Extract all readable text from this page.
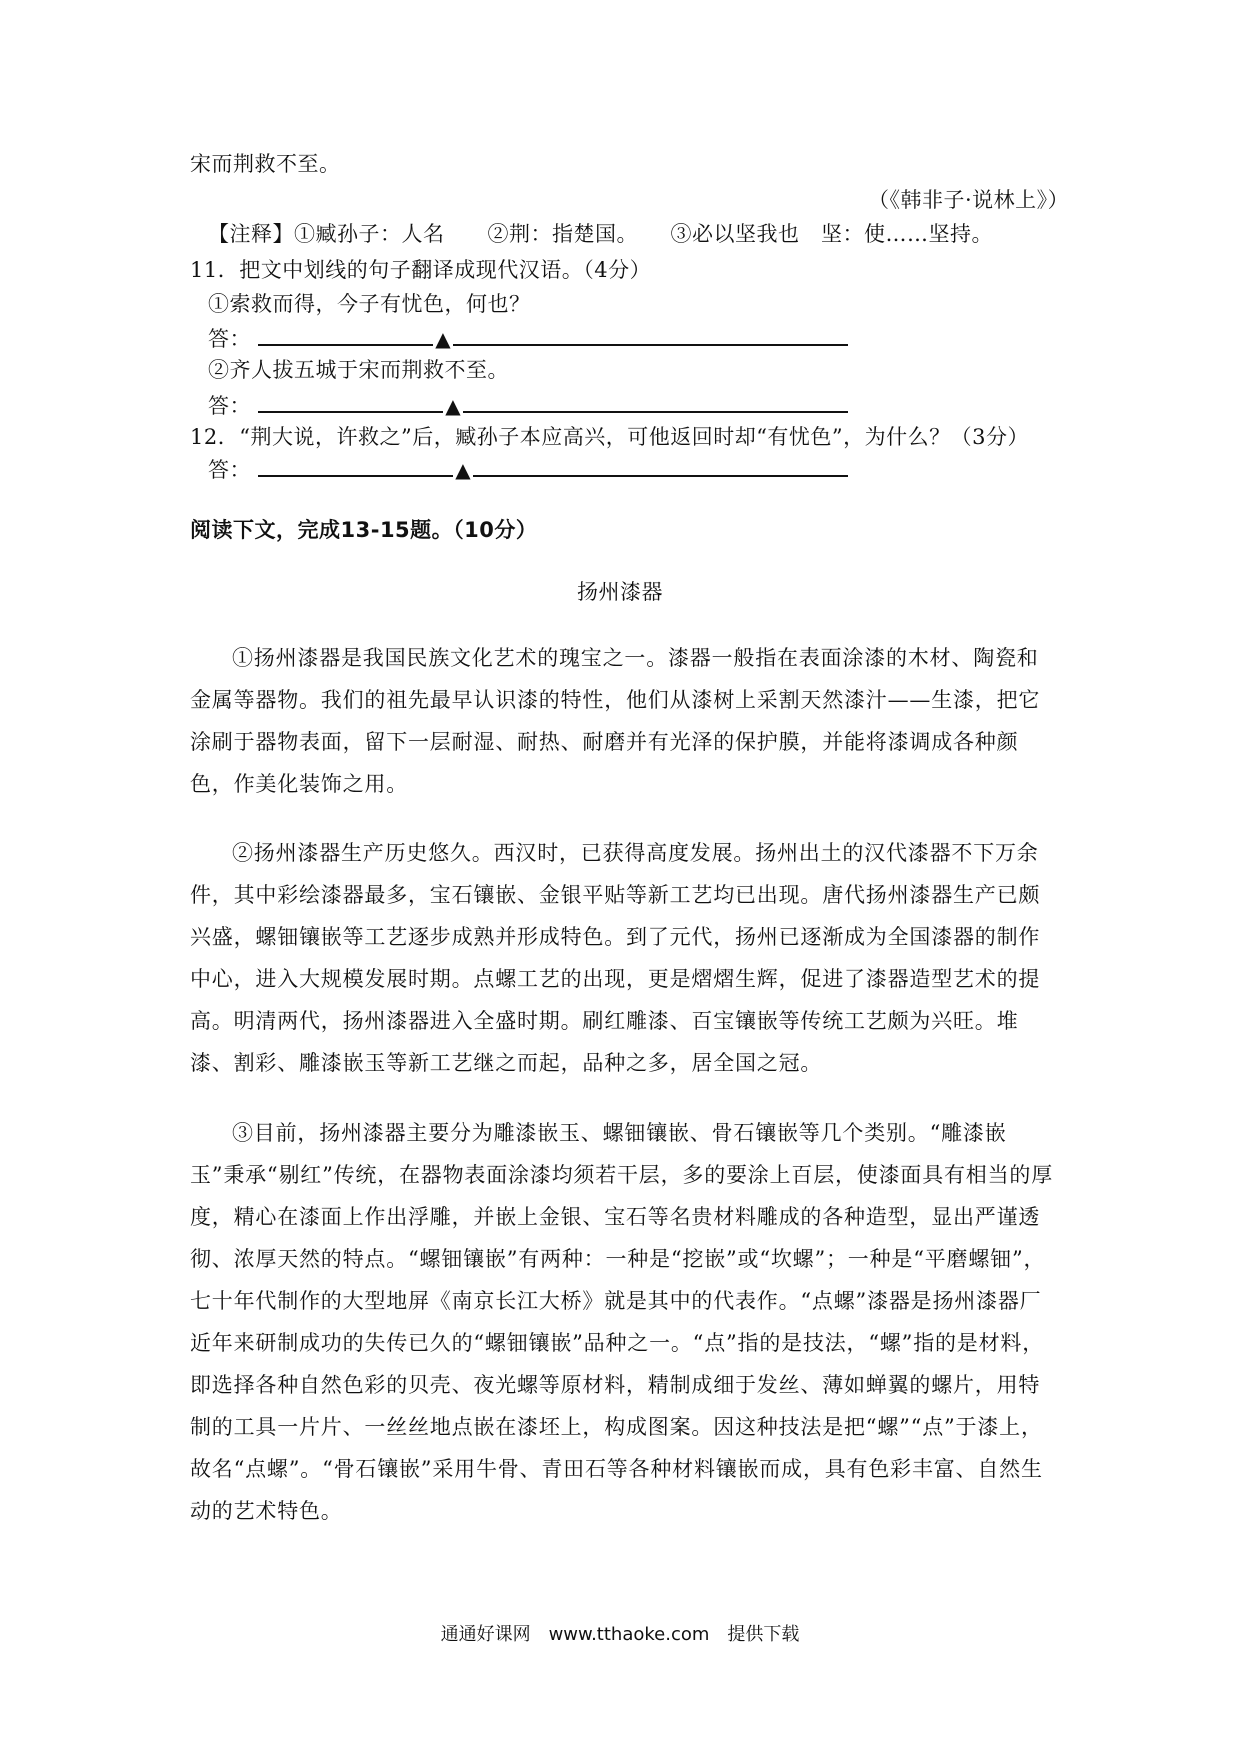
宋而荆救不至。
（《韩非子·说林上》）
【注释】①臧孙子：人名　　②荆：指楚国。　　③必以坚我也　坚：使……坚持。
11．把文中划线的句子翻译成现代汉语。（4分）
①索救而得，今子有忧色，何也？
答：	▲
②齐人拔五城于宋而荆救不至。
答：	▲
12．“荆大说，许救之”后，臧孙子本应高兴，可他返回时却“有忧色”，为什么？（3分）
答：	▲
阅读下文，完成13-15题。（10分）
扬州漆器

①扬州漆器是我国民族文化艺术的瑰宝之一。漆器一般指在表面涂漆的木材、陶瓷和金属等器物。我们的祖先最早认识漆的特性，他们从漆树上采割天然漆汁——生漆，把它涂刷于器物表面，留下一层耐湿、耐热、耐磨并有光泽的保护膜，并能将漆调成各种颜色，作美化装饰之用。

②扬州漆器生产历史悠久。西汉时，已获得高度发展。扬州出土的汉代漆器不下万余件，其中彩绘漆器最多，宝石镶嵌、金银平贴等新工艺均已出现。唐代扬州漆器生产已颇兴盛，螺钿镶嵌等工艺逐步成熟并形成特色。到了元代，扬州已逐渐成为全国漆器的制作中心，进入大规模发展时期。点螺工艺的出现，更是熠熠生辉，促进了漆器造型艺术的提高。明清两代，扬州漆器进入全盛时期。刷红雕漆、百宝镶嵌等传统工艺颇为兴旺。堆漆、割彩、雕漆嵌玉等新工艺继之而起，品种之多，居全国之冠。

③目前，扬州漆器主要分为雕漆嵌玉、螺钿镶嵌、骨石镶嵌等几个类别。“雕漆嵌玉”秉承“剔红”传统，在器物表面涂漆均须若干层，多的要涂上百层，使漆面具有相当的厚度，精心在漆面上作出浮雕，并嵌上金银、宝石等名贵材料雕成的各种造型，显出严谨透彻、浓厚天然的特点。“螺钿镶嵌”有两种：一种是“挖嵌”或“坎螺”；一种是“平磨螺钿”，七十年代制作的大型地屏《南京长江大桥》就是其中的代表作。“点螺”漆器是扬州漆器厂近年来研制成功的失传已久的“螺钿镶嵌”品种之一。“点”指的是技法，“螺”指的是材料，即选择各种自然色彩的贝壳、夜光螺等原材料，精制成细于发丝、薄如蝉翼的螺片，用特制的工具一片片、一丝丝地点嵌在漆坯上，构成图案。因这种技法是把“螺”“点”于漆上，故名“点螺”。“骨石镶嵌”采用牛骨、青田石等各种材料镶嵌而成，具有色彩丰富、自然生动的艺术特色。

通通好课网　www.tthaoke.com　提供下载
